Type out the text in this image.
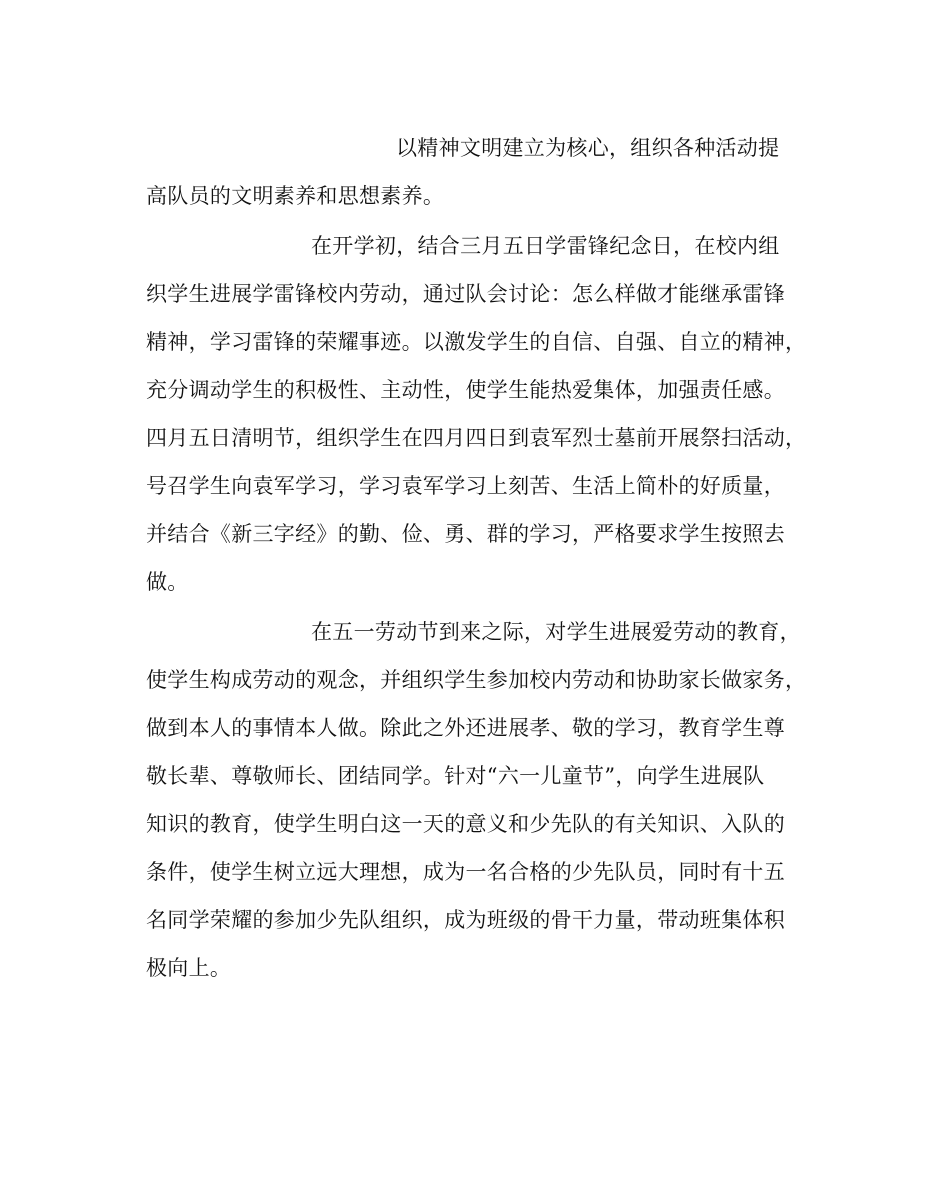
以精神文明建立为核心，组织各种活动提
高队员的文明素养和思想素养。
在开学初，结合三月五日学雷锋纪念日，在校内组
织学生进展学雷锋校内劳动，通过队会讨论：怎么样做才能继承雷锋
精神，学习雷锋的荣耀事迹。以激发学生的自信、自强、自立的精神，
充分调动学生的积极性、主动性，使学生能热爱集体，加强责任感。
四月五日清明节，组织学生在四月四日到袁军烈士墓前开展祭扫活动，
号召学生向袁军学习，学习袁军学习上刻苦、生活上简朴的好质量，
并结合《新三字经》的勤、俭、勇、群的学习，严格要求学生按照去
做。
在五一劳动节到来之际，对学生进展爱劳动的教育，
使学生构成劳动的观念，并组织学生参加校内劳动和协助家长做家务，
做到本人的事情本人做。除此之外还进展孝、敬的学习，教育学生尊
敬长辈、尊敬师长、团结同学。针对“六一儿童节”，向学生进展队
知识的教育，使学生明白这一天的意义和少先队的有关知识、入队的
条件，使学生树立远大理想，成为一名合格的少先队员，同时有十五
名同学荣耀的参加少先队组织，成为班级的骨干力量，带动班集体积
极向上。
